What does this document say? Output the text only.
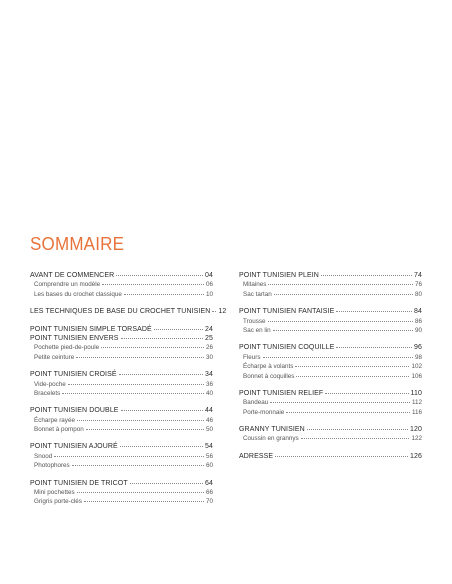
SOMMAIRE
AVANT DE COMMENCER	04
Comprendre un modèle	06
Les bases du crochet classique	10
LES TECHNIQUES DE BASE DU CROCHET TUNISIEN 12
POINT TUNISIEN SIMPLE TORSADÉ	24
POINT TUNISIEN ENVERS	25
Pochette pied-de-poule	26
Petite ceinture	30
POINT TUNISIEN CROISÉ	34
Vide-poche	36
Bracelets	40
POINT TUNISIEN DOUBLE	44
Écharpe rayée	46
Bonnet à pompon	50
POINT TUNISIEN AJOURÉ	54
Snood	56
Photophores	60
POINT TUNISIEN DE TRICOT	64
Mini pochettes	66
Grigris porte-clés	70
POINT TUNISIEN PLEIN	74
Mitaines	76
Sac tartan	80
POINT TUNISIEN FANTAISIE	84
Trousse	86
Sac en lin	90
POINT TUNISIEN COQUILLE	96
Fleurs	98
Écharpe à volants	102
Bonnet à coquilles	106
POINT TUNISIEN RELIEF	110
Bandeau	112
Porte-monnaie	116
GRANNY TUNISIEN	120
Coussin en grannys	122
ADRESSE	126
